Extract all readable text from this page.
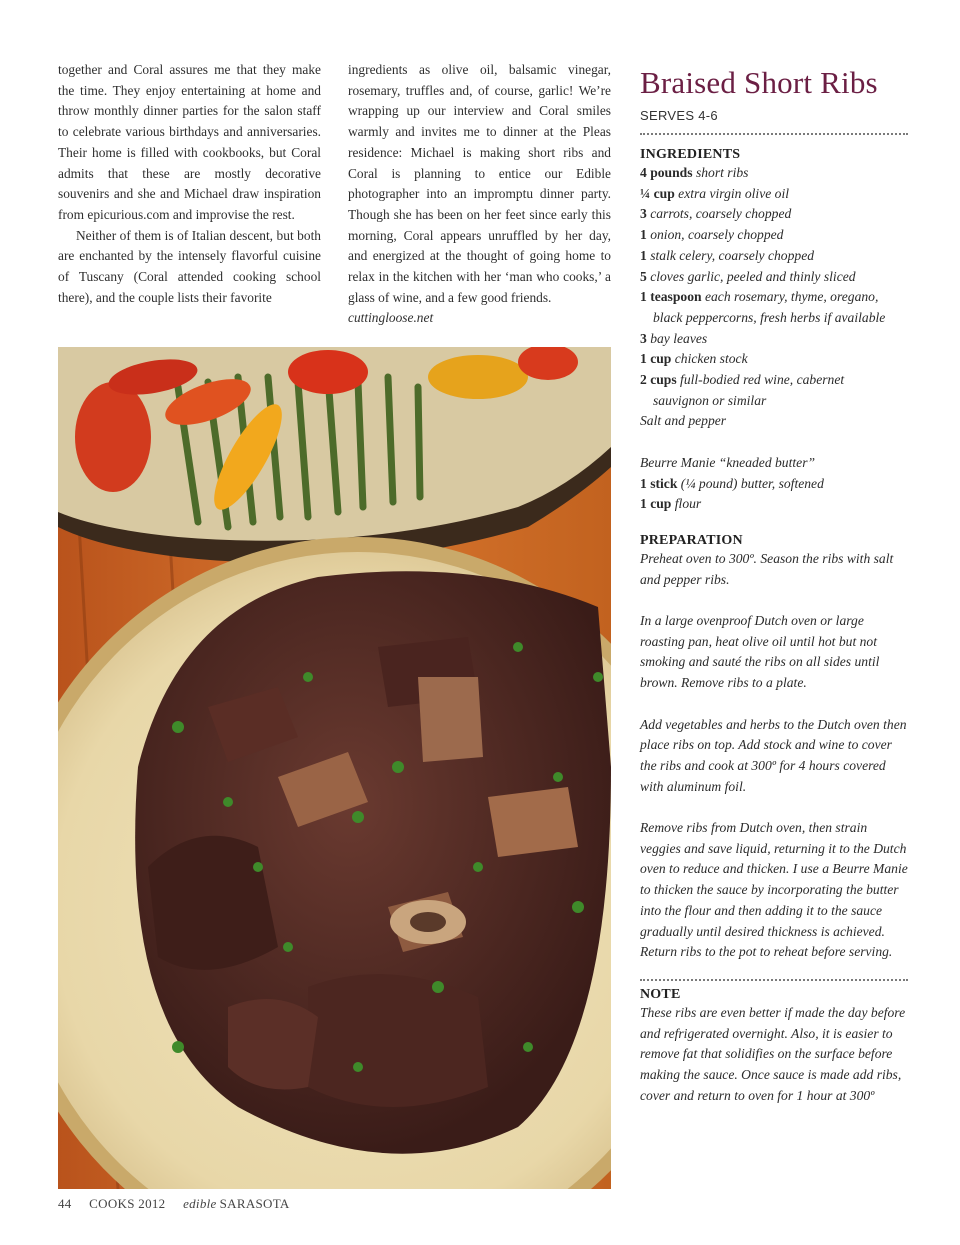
together and Coral assures me that they make the time. They enjoy entertaining at home and throw monthly dinner parties for the salon staff to celebrate various birthdays and anniversaries. Their home is filled with cookbooks, but Coral admits that these are mostly decorative souvenirs and she and Michael draw inspiration from epicurious.com and improvise the rest.

Neither of them is of Italian descent, but both are enchanted by the intensely flavorful cuisine of Tuscany (Coral attended cooking school there), and the couple lists their favorite

ingredients as olive oil, balsamic vinegar, rosemary, truffles and, of course, garlic! We’re wrapping up our interview and Coral smiles warmly and invites me to dinner at the Pleas residence: Michael is making short ribs and Coral is planning to entice our Edible photographer into an impromptu dinner party. Though she has been on her feet since early this morning, Coral appears unruffled by her day, and energized at the thought of going home to relax in the kitchen with her ‘man who cooks,’ a glass of wine, and a few good friends.

cuttingloose.net
Braised Short Ribs
SERVES 4-6
INGREDIENTS
4 pounds short ribs
¼ cup extra virgin olive oil
3 carrots, coarsely chopped
1 onion, coarsely chopped
1 stalk celery, coarsely chopped
5 cloves garlic, peeled and thinly sliced
1 teaspoon each rosemary, thyme, oregano,
black peppercorns, fresh herbs if available
3 bay leaves
1 cup chicken stock
2 cups full-bodied red wine, cabernet
sauvignon or similar
Salt and pepper
Beurre Manie “kneaded butter”
1 stick (¼ pound) butter, softened
1 cup flour
PREPARATION

Preheat oven to 300º. Season the ribs with salt and pepper ribs.

In a large ovenproof Dutch oven or large roasting pan, heat olive oil until hot but not smoking and sauté the ribs on all sides until brown. Remove ribs to a plate.

Add vegetables and herbs to the Dutch oven then place ribs on top. Add stock and wine to cover the ribs and cook at 300º for 4 hours covered with aluminum foil.

Remove ribs from Dutch oven, then strain veggies and save liquid, returning it to the Dutch oven to reduce and thicken. I use a Beurre Manie to thicken the sauce by incorporating the butter into the flour and then adding it to the sauce gradually until desired thickness is achieved. Return ribs to the pot to reheat before serving.

NOTE

These ribs are even better if made the day before and refrigerated overnight. Also, it is easier to remove fat that solidifies on the surface before making the sauce. Once sauce is made add ribs, cover and return to oven for 1 hour at 300º

44 COOKS 2012 edible SARASOTA
